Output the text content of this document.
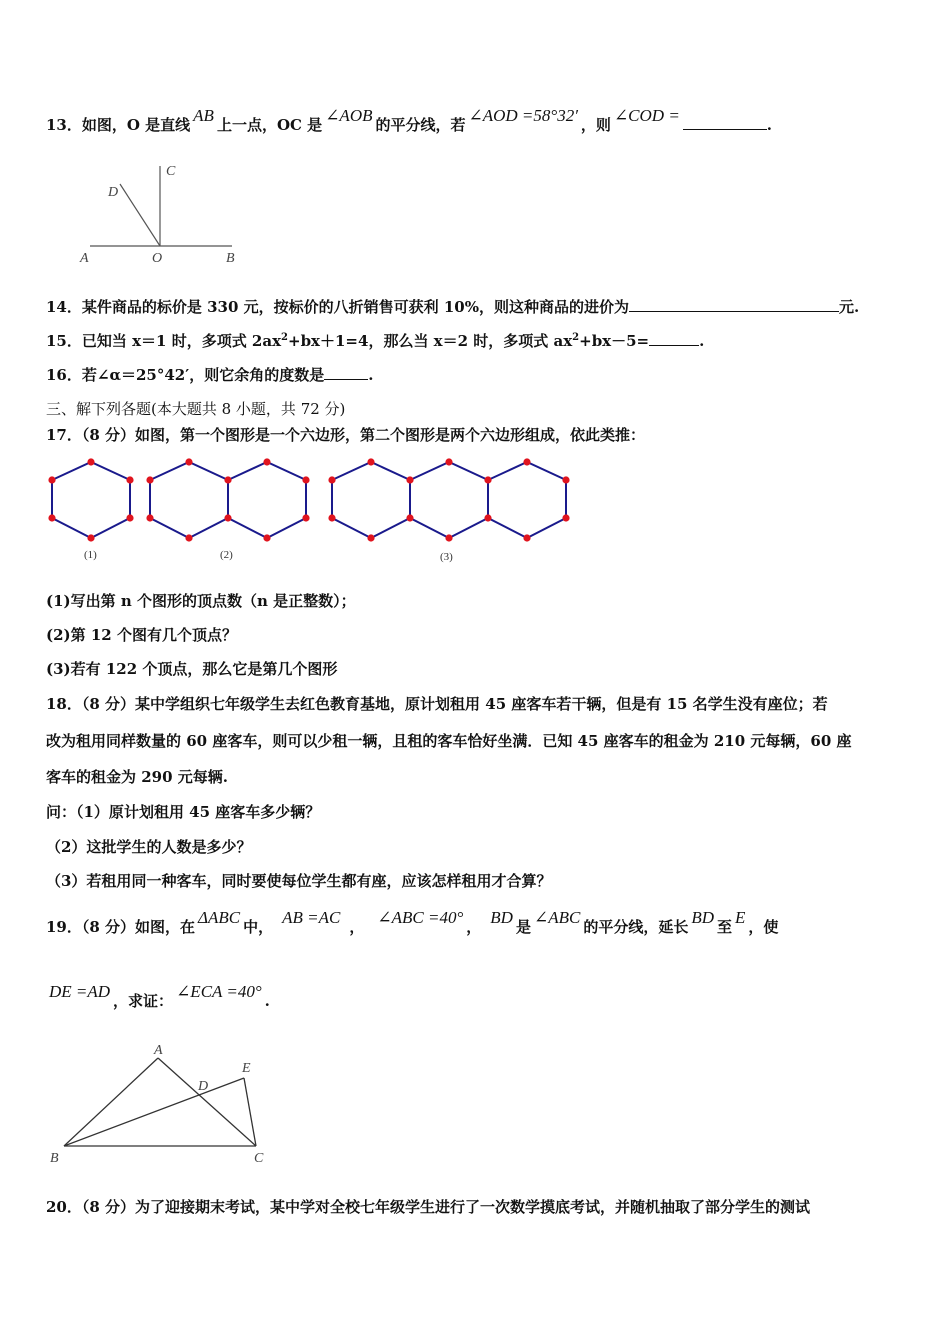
13．如图，O 是直线 AB 上一点，OC 是 ∠AOB 的平分线，若 ∠AOD =58°32′ ，则 ∠COD =	.
C
D
A	O	B
14．某件商品的标价是 330 元，按标价的八折销售可获利 10%，则这种商品的进价为	元.
15．已知当 x＝1 时，多项式 $2ax^2+bx+1=4$，那么当 x＝2 时，多项式 $ax^2+bx-5=$	.
16．若∠α＝25°42′，则它余角的度数是	.
三、解下列各题(本大题共 8 小题，共 72 分)
17．（8 分）如图，第一个图形是一个六边形，第二个图形是两个六边形组成，依此类推：
(1)	(2)	(3)
(1)写出第 n 个图形的顶点数（n 是正整数）；
(2)第 12 个图有几个顶点？
(3)若有 122 个顶点，那么它是第几个图形
18．（8 分）某中学组织七年级学生去红色教育基地，原计划租用 45 座客车若干辆，但是有 15 名学生没有座位；若
改为租用同样数量的 60 座客车，则可以少租一辆，且租的客车恰好坐满．已知 45 座客车的租金为 210 元每辆，60 座
客车的租金为 290 元每辆.
问：（1）原计划租用 45 座客车多少辆？
（2）这批学生的人数是多少？
（3）若租用同一种客车，同时要使每位学生都有座，应该怎样租用才合算？
19．（8 分）如图，在 ΔABC 中， AB =AC ， ∠ABC =40° ， BD 是 ∠ABC 的平分线，延长 BD 至 E ，使
DE =AD ，求证： ∠ECA =40° .
A
B	C
D
E
20．（8 分）为了迎接期末考试，某中学对全校七年级学生进行了一次数学摸底考试，并随机抽取了部分学生的测试
